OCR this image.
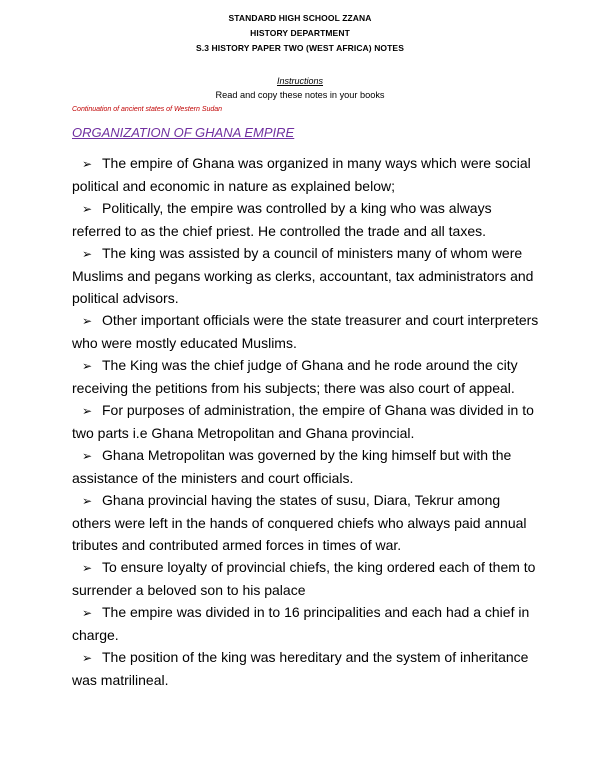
STANDARD HIGH SCHOOL ZZANA
HISTORY DEPARTMENT
S.3 HISTORY PAPER TWO (WEST AFRICA) NOTES
Instructions
Read and copy these notes in your books
Continuation of ancient states of Western Sudan
ORGANIZATION OF GHANA EMPIRE
➢ The empire of Ghana was organized in many ways which were social political and economic in nature as explained below;
➢ Politically, the empire was controlled by a king who was always referred to as the chief priest. He controlled the trade and all taxes.
➢ The king was assisted by a council of ministers many of whom were Muslims and pegans working as clerks, accountant, tax administrators and political advisors.
➢ Other important officials were the state treasurer and court interpreters who were mostly educated Muslims.
➢ The King was the chief judge of Ghana and he rode around the city receiving the petitions from his subjects; there was also court of appeal.
➢ For purposes of administration, the empire of Ghana was divided in to two parts i.e Ghana Metropolitan and Ghana provincial.
➢ Ghana Metropolitan was governed by the king himself but with the assistance of the ministers and court officials.
➢ Ghana provincial having the states of susu, Diara, Tekrur among others were left in the hands of conquered chiefs who always paid annual tributes and contributed armed forces in times of war.
➢ To ensure loyalty of provincial chiefs, the king ordered each of them to surrender a beloved son to his palace
➢ The empire was divided in to 16 principalities and each had a chief in charge.
➢ The position of the king was hereditary and the system of inheritance was matrilineal.
